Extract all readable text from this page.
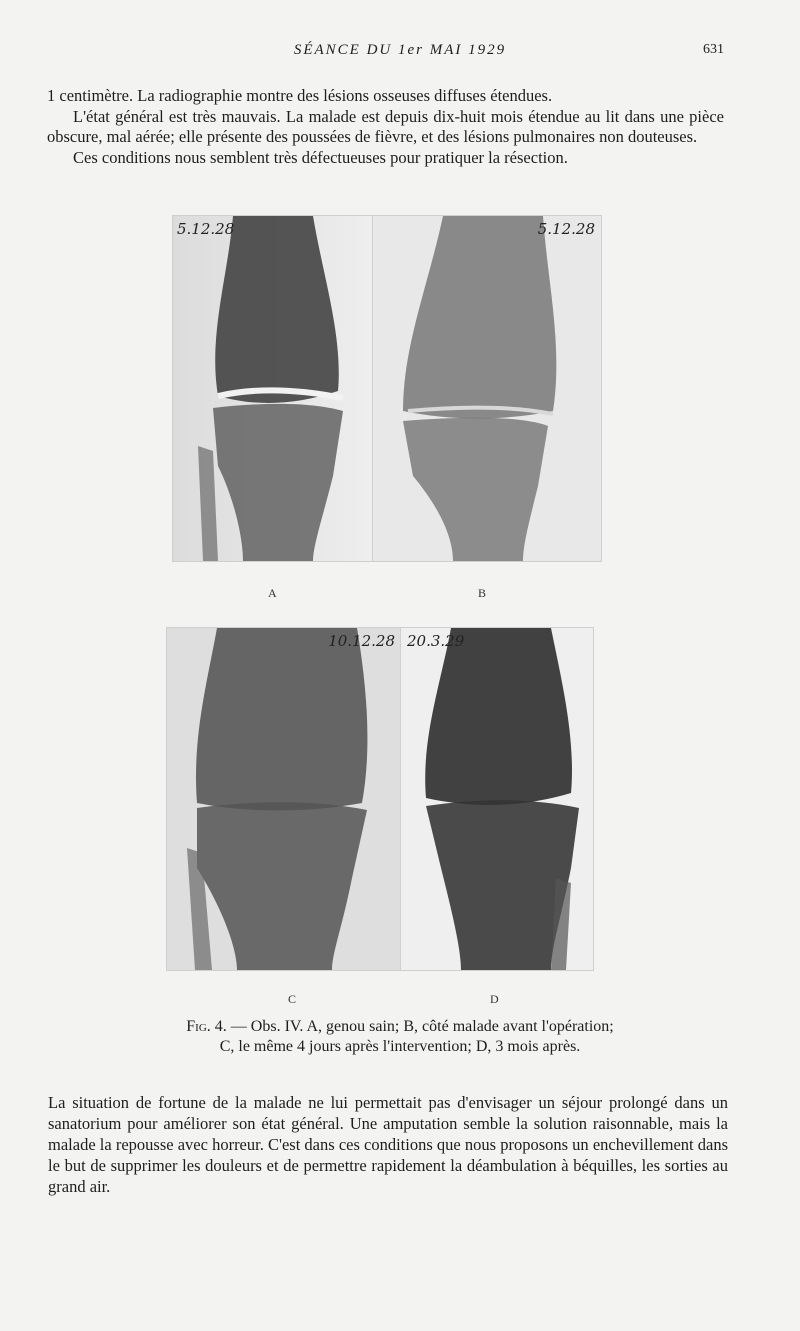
SÉANCE DU 1er MAI 1929	631

1 centimètre. La radiographie montre des lésions osseuses diffuses étendues.

L'état général est très mauvais. La malade est depuis dix-huit mois étendue au lit dans une pièce obscure, mal aérée; elle présente des poussées de fièvre, et des lésions pulmonaires non douteuses.

Ces conditions nous semblent très défectueuses pour pratiquer la résection.

5.12.28	5.12.28
A	B
10.12.28 20.3.29
C	D
Fig. 4. — Obs. IV. A, genou sain; B, côté malade avant l'opération;
C, le même 4 jours après l'intervention; D, 3 mois après.

La situation de fortune de la malade ne lui permettait pas d'envisager un séjour prolongé dans un sanatorium pour améliorer son état général. Une amputation semble la solution raisonnable, mais la malade la repousse avec horreur. C'est dans ces conditions que nous proposons un enchevillement dans le but de supprimer les douleurs et de permettre rapidement la déambulation à béquilles, les sorties au grand air.
